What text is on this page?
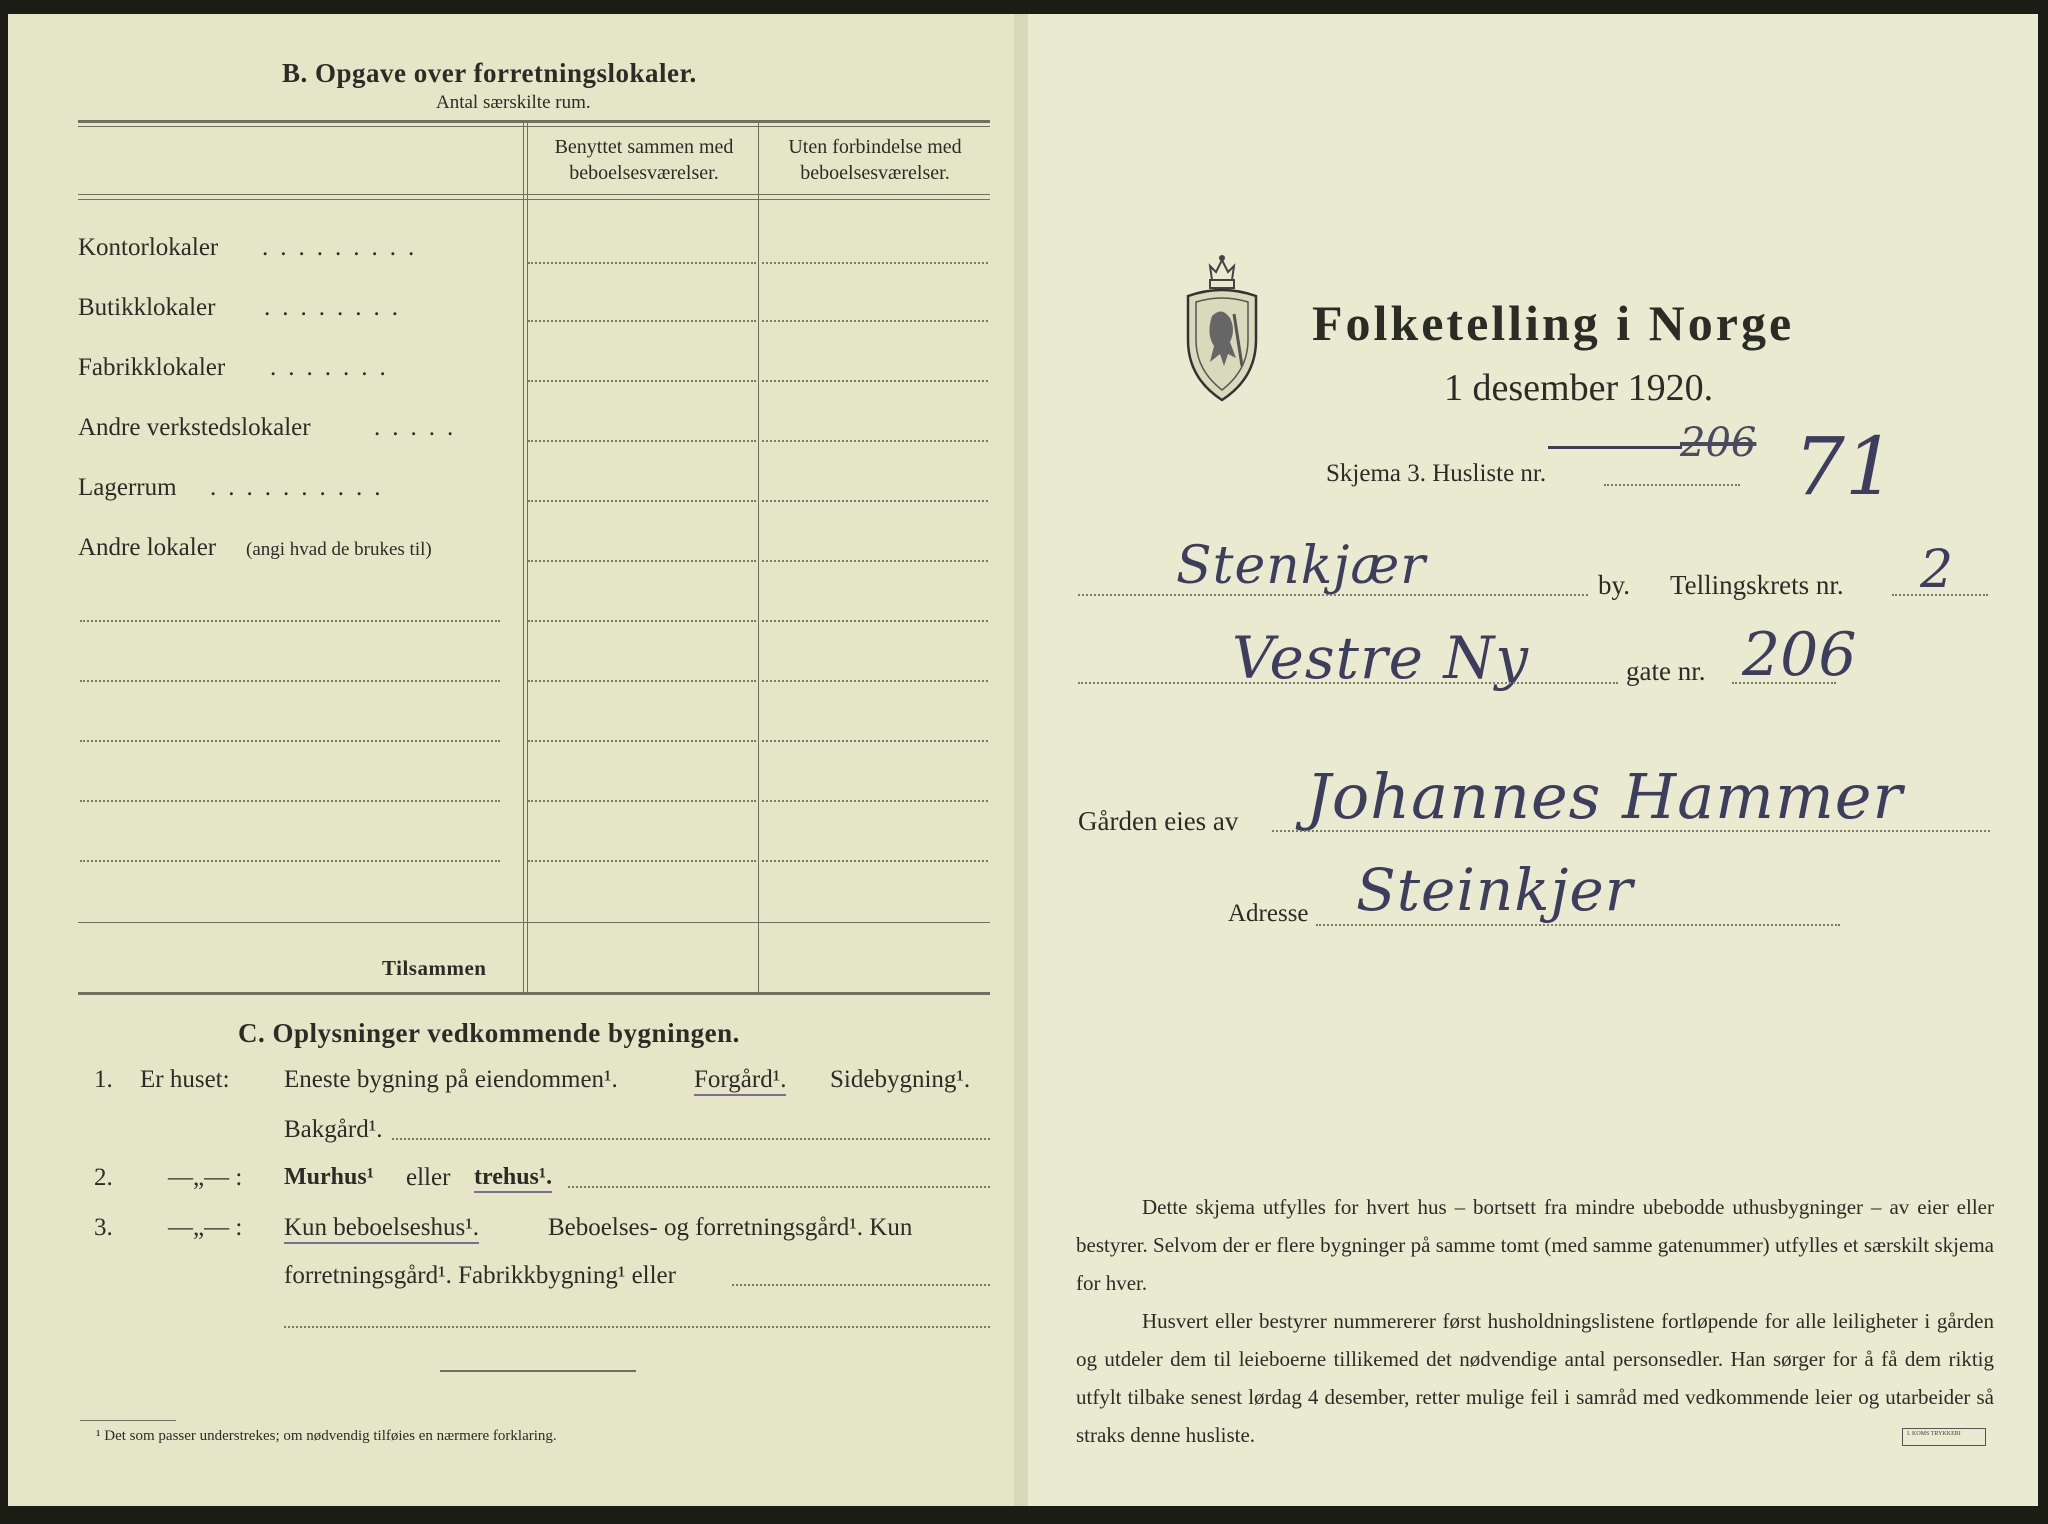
B. Opgave over forretningslokaler.
Antal særskilte rum.
Benyttet sammen med
beboelsesværelser.
Uten forbindelse med
beboelsesværelser.
Kontorlokaler .........
Butikklokaler ........
Fabrikklokaler .......
Andre verkstedslokaler	.....
Lagerrum ..........
Andre lokaler (angi hvad de brukes til)
Tilsammen
C. Oplysninger vedkommende bygningen.
1. Er huset: Eneste bygning på eiendommen¹.	Forgård¹. Sidebygning¹.
Bakgård¹.
2. —„— : Murhus¹ eller trehus¹.
3. —„— : Kun beboelseshus¹.	Beboelses- og forretningsgård¹. Kun
forretningsgård¹. Fabrikkbygning¹ eller
¹ Det som passer understrekes; om nødvendig tilføies en nærmere forklaring.
Folketelling i Norge
1 desember 1920.
Skjema 3. Husliste nr.
206 71
Stenkjær	by. Tellingskrets nr. 2
Vestre Ny	gate nr. 206
Gården eies av Johannes Hammer
Adresse Steinkjer
Dette skjema utfylles for hvert hus – bortsett fra mindre ubebodde uthusbygninger – av eier eller bestyrer. Selvom der er flere bygninger på samme tomt (med samme gatenummer) utfylles et særskilt skjema for hver.
Husvert eller bestyrer nummererer først husholdningslistene fortløpende for alle leiligheter i gården og utdeler dem til leieboerne tillikemed det nødvendige antal personsedler. Han sørger for å få dem riktig utfylt tilbake senest lørdag 4 desember, retter mulige feil i samråd med vedkommende leier og utarbeider så straks denne husliste.	I. KOMS TRYKKERI
